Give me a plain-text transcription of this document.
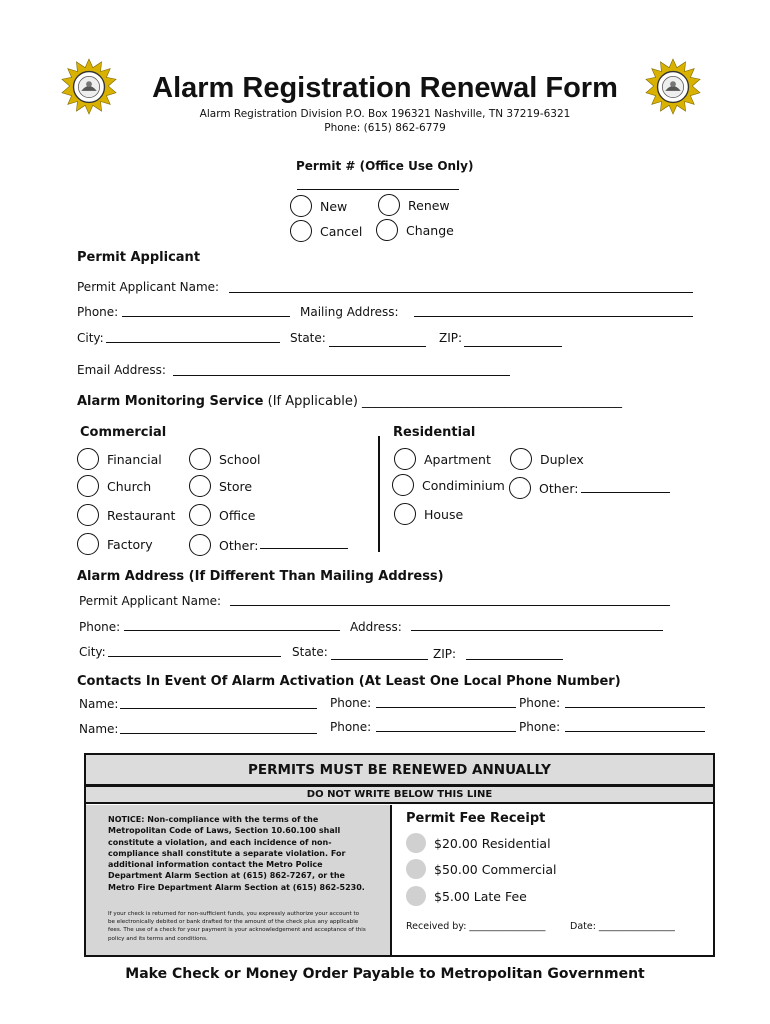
Alarm Registration Renewal Form
Alarm Registration Division P.O. Box 196321 Nashville, TN 37219-6321
Phone: (615) 862-6779
Permit # (Office Use Only)
New	Renew
Cancel	Change
Permit Applicant
Permit Applicant Name:
Phone:	Mailing Address:
City:	State:	ZIP:
Email Address:
Alarm Monitoring Service (If Applicable) ________________________________________
Commercial	Residential
Financial	School
Church	Store
Restaurant	Office
Factory	Other:
Apartment	Duplex
Condiminium	Other:
House
Alarm Address (If Different Than Mailing Address)
Permit Applicant Name:
Phone:	Address:
City:	State:	ZIP:
Contacts In Event Of Alarm Activation (At Least One Local Phone Number)
Name:	Phone:	Phone:
Name:	Phone:	Phone:
PERMITS MUST BE RENEWED ANNUALLY
DO NOT WRITE BELOW THIS LINE
NOTICE: Non-compliance with the terms of the Metropolitan Code of Laws, Section 10.60.100 shall constitute a violation, and each incidence of non-compliance shall constitute a separate violation. For additional information contact the Metro Police Department Alarm Section at (615) 862-7267, or the Metro Fire Department Alarm Section at (615) 862-5230.
If your check is returned for non-sufficient funds, you expressly authorize your account to be electronically debited or bank drafted for the amount of the check plus any applicable fees. The use of a check for your payment is your acknowledgement and acceptance of this policy and its terms and conditions.
Permit Fee Receipt
$20.00 Residential
$50.00 Commercial
$5.00 Late Fee
Received by: ________________	Date: ________________
Make Check or Money Order Payable to Metropolitan Government
